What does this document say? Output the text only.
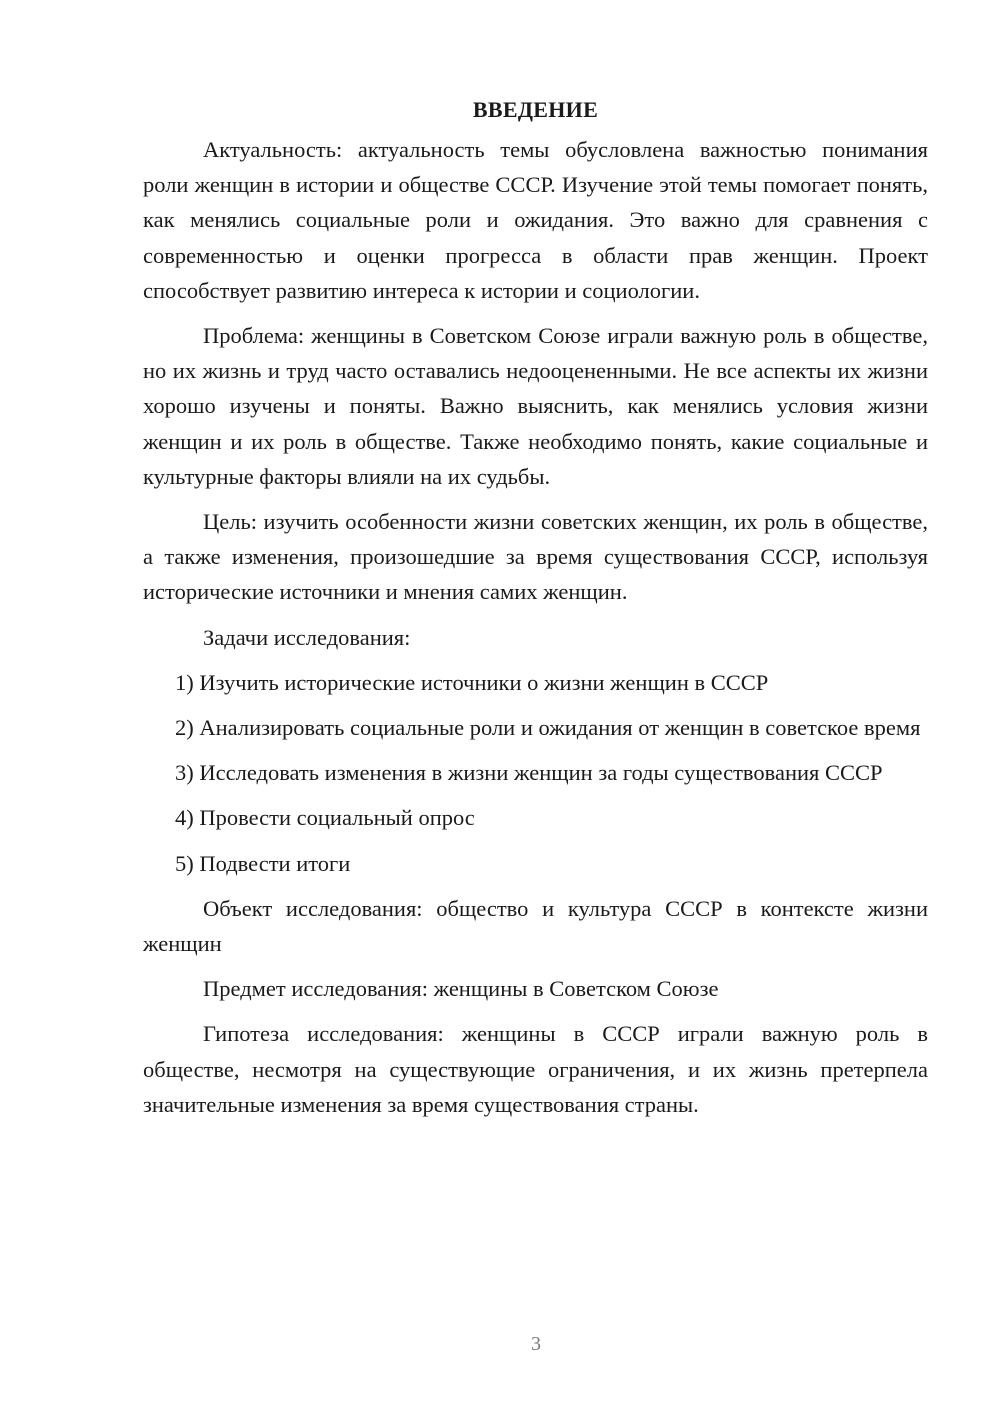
ВВЕДЕНИЕ

Актуальность: актуальность темы обусловлена важностью понимания роли женщин в истории и обществе СССР. Изучение этой темы помогает понять, как менялись социальные роли и ожидания. Это важно для сравнения с современностью и оценки прогресса в области прав женщин. Проект способствует развитию интереса к истории и социологии.

Проблема: женщины в Советском Союзе играли важную роль в обществе, но их жизнь и труд часто оставались недооцененными. Не все аспекты их жизни хорошо изучены и поняты. Важно выяснить, как менялись условия жизни женщин и их роль в обществе. Также необходимо понять, какие социальные и культурные факторы влияли на их судьбы.

Цель: изучить особенности жизни советских женщин, их роль в обществе, а также изменения, произошедшие за время существования СССР, используя исторические источники и мнения самих женщин.

Задачи исследования:

1) Изучить исторические источники о жизни женщин в СССР

2) Анализировать социальные роли и ожидания от женщин в советское время

3) Исследовать изменения в жизни женщин за годы существования СССР

4) Провести социальный опрос

5) Подвести итоги

Объект исследования: общество и культура СССР в контексте жизни женщин

Предмет исследования: женщины в Советском Союзе

Гипотеза исследования: женщины в СССР играли важную роль в обществе, несмотря на существующие ограничения, и их жизнь претерпела значительные изменения за время существования страны.

3
